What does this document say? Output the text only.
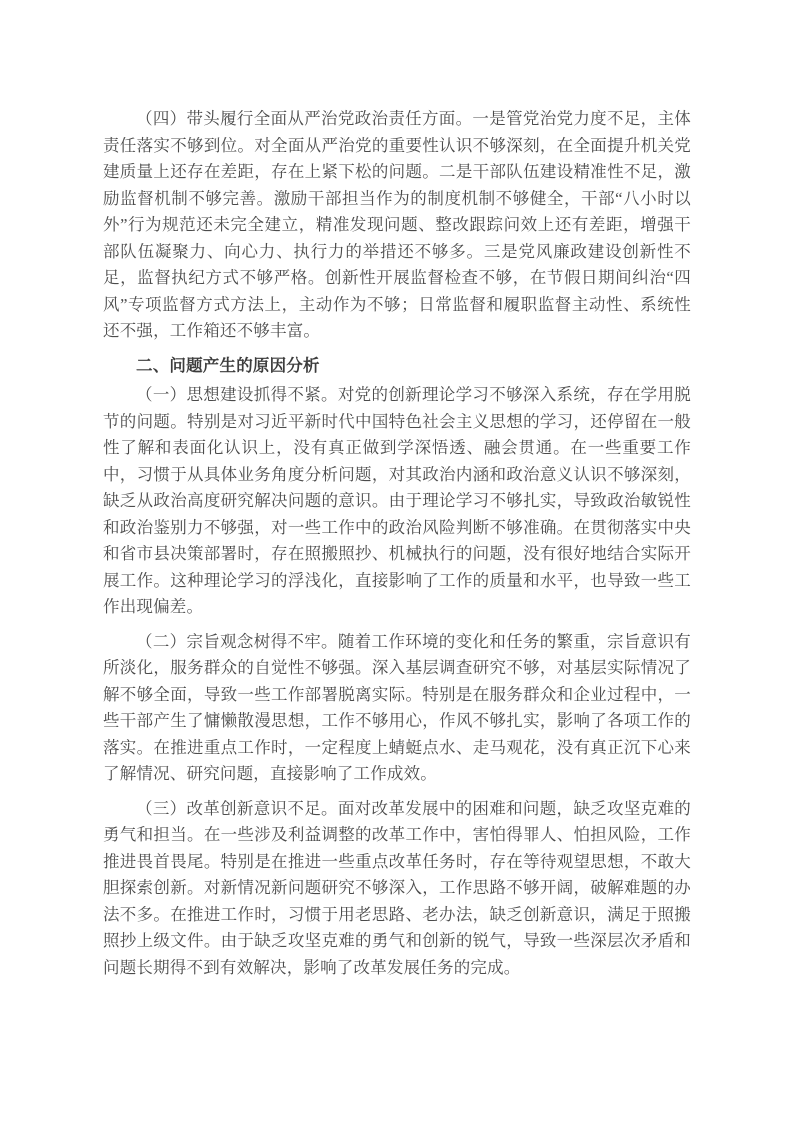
（四）带头履行全面从严治党政治责任方面。一是管党治党力度不足，主体责任落实不够到位。对全面从严治党的重要性认识不够深刻，在全面提升机关党建质量上还存在差距，存在上紧下松的问题。二是干部队伍建设精准性不足，激励监督机制不够完善。激励干部担当作为的制度机制不够健全，干部“八小时以外”行为规范还未完全建立，精准发现问题、整改跟踪问效上还有差距，增强干部队伍凝聚力、向心力、执行力的举措还不够多。三是党风廉政建设创新性不足，监督执纪方式不够严格。创新性开展监督检查不够，在节假日期间纠治“四风”专项监督方式方法上，主动作为不够；日常监督和履职监督主动性、系统性还不强，工作箱还不够丰富。

二、问题产生的原因分析

（一）思想建设抓得不紧。对党的创新理论学习不够深入系统，存在学用脱节的问题。特别是对习近平新时代中国特色社会主义思想的学习，还停留在一般性了解和表面化认识上，没有真正做到学深悟透、融会贯通。在一些重要工作中，习惯于从具体业务角度分析问题，对其政治内涵和政治意义认识不够深刻，缺乏从政治高度研究解决问题的意识。由于理论学习不够扎实，导致政治敏锐性和政治鉴别力不够强，对一些工作中的政治风险判断不够准确。在贯彻落实中央和省市县决策部署时，存在照搬照抄、机械执行的问题，没有很好地结合实际开展工作。这种理论学习的浮浅化，直接影响了工作的质量和水平，也导致一些工作出现偏差。

（二）宗旨观念树得不牢。随着工作环境的变化和任务的繁重，宗旨意识有所淡化，服务群众的自觉性不够强。深入基层调查研究不够，对基层实际情况了解不够全面，导致一些工作部署脱离实际。特别是在服务群众和企业过程中，一些干部产生了慵懒散漫思想，工作不够用心，作风不够扎实，影响了各项工作的落实。在推进重点工作时，一定程度上蜻蜓点水、走马观花，没有真正沉下心来了解情况、研究问题，直接影响了工作成效。

（三）改革创新意识不足。面对改革发展中的困难和问题，缺乏攻坚克难的勇气和担当。在一些涉及利益调整的改革工作中，害怕得罪人、怕担风险，工作推进畏首畏尾。特别是在推进一些重点改革任务时，存在等待观望思想，不敢大胆探索创新。对新情况新问题研究不够深入，工作思路不够开阔，破解难题的办法不多。在推进工作时，习惯于用老思路、老办法，缺乏创新意识，满足于照搬照抄上级文件。由于缺乏攻坚克难的勇气和创新的锐气，导致一些深层次矛盾和问题长期得不到有效解决，影响了改革发展任务的完成。
